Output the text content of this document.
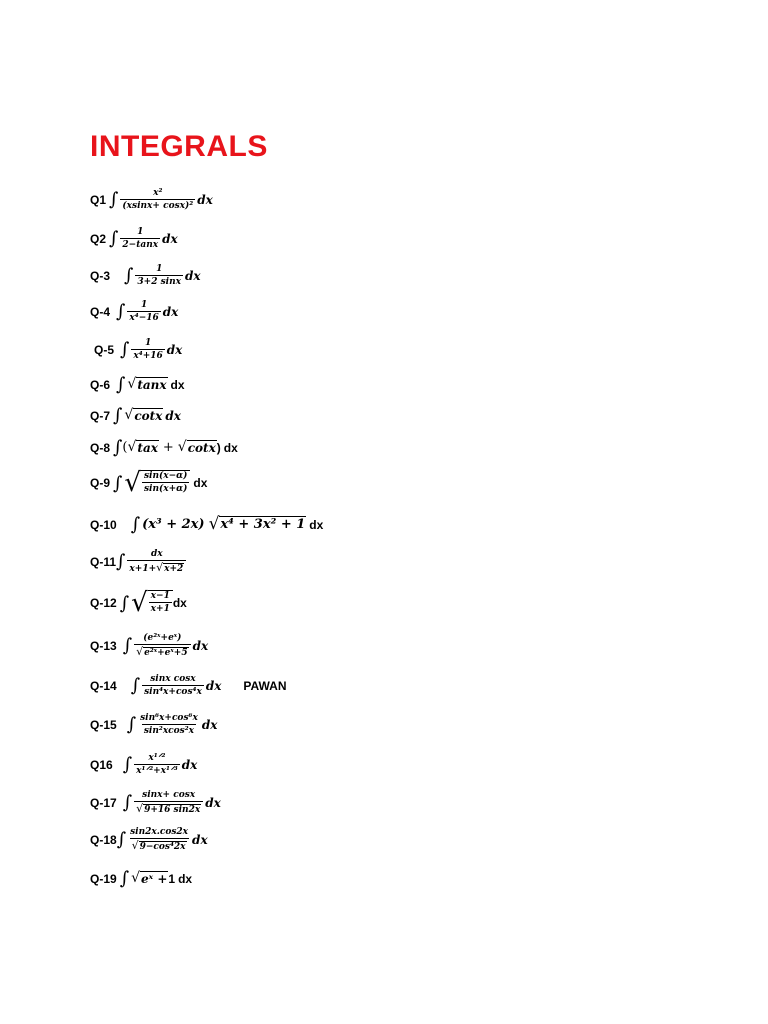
INTEGRALS
Q1 ∫ $\frac{\text{x²}}{\text{(xsinx+ cosx)²}}$ dx
Q2 ∫ $\frac{1}{2-\tan x}$ dx
Q-3 ∫ $\frac{1}{3+2 \sin x}$ dx
Q-4 ∫ $\frac{1}{\text{x⁴−16}}$ dx
Q-5 ∫ $\frac{1}{\text{x⁴+16}}$ dx
Q-6 ∫ √ tanx dx
Q-7 ∫ √ cotx dx
Q-8 ∫ ( √ tax + √ cotx ) dx
Q-9 ∫ √ $\frac{\sin(x-\alpha)}{\sin(x+\alpha)}$ dx
Q-10 ∫ (x³ + 2x) √ x⁴ + 3x² + 1 dx
Q-11 ∫ $\frac{dx}{x+1+√x+2}$
Q-12 ∫ √ $\frac{x-1}{x+1}$ dx
Q-13 ∫ $\frac{\text{(e²ˣ+eˣ)}}{\text{√e²ˣ+eˣ+5}}$ dx
Q-14 ∫ $\frac{\text{sinx cosx}}{\text{sin⁴x+cos⁴x}}$ dx PAWAN
Q-15 ∫ $\frac{\text{sin⁶x+cos⁶x}}{\text{sin²xcos²x}}$ dx
Q16 ∫ $\frac{\text{x¹ᐟ²}}{\text{x¹ᐟ²+x¹ᐟ³}}$ dx
Q-17 ∫ $\frac{\sin x+ \cos x}{√9+16 \sin 2x}$ dx
Q-18 ∫ $\frac{\sin 2x.\cos 2x}{\text{√9−cos⁴2x}}$ dx
Q-19 ∫ √ eˣ + 1 dx
